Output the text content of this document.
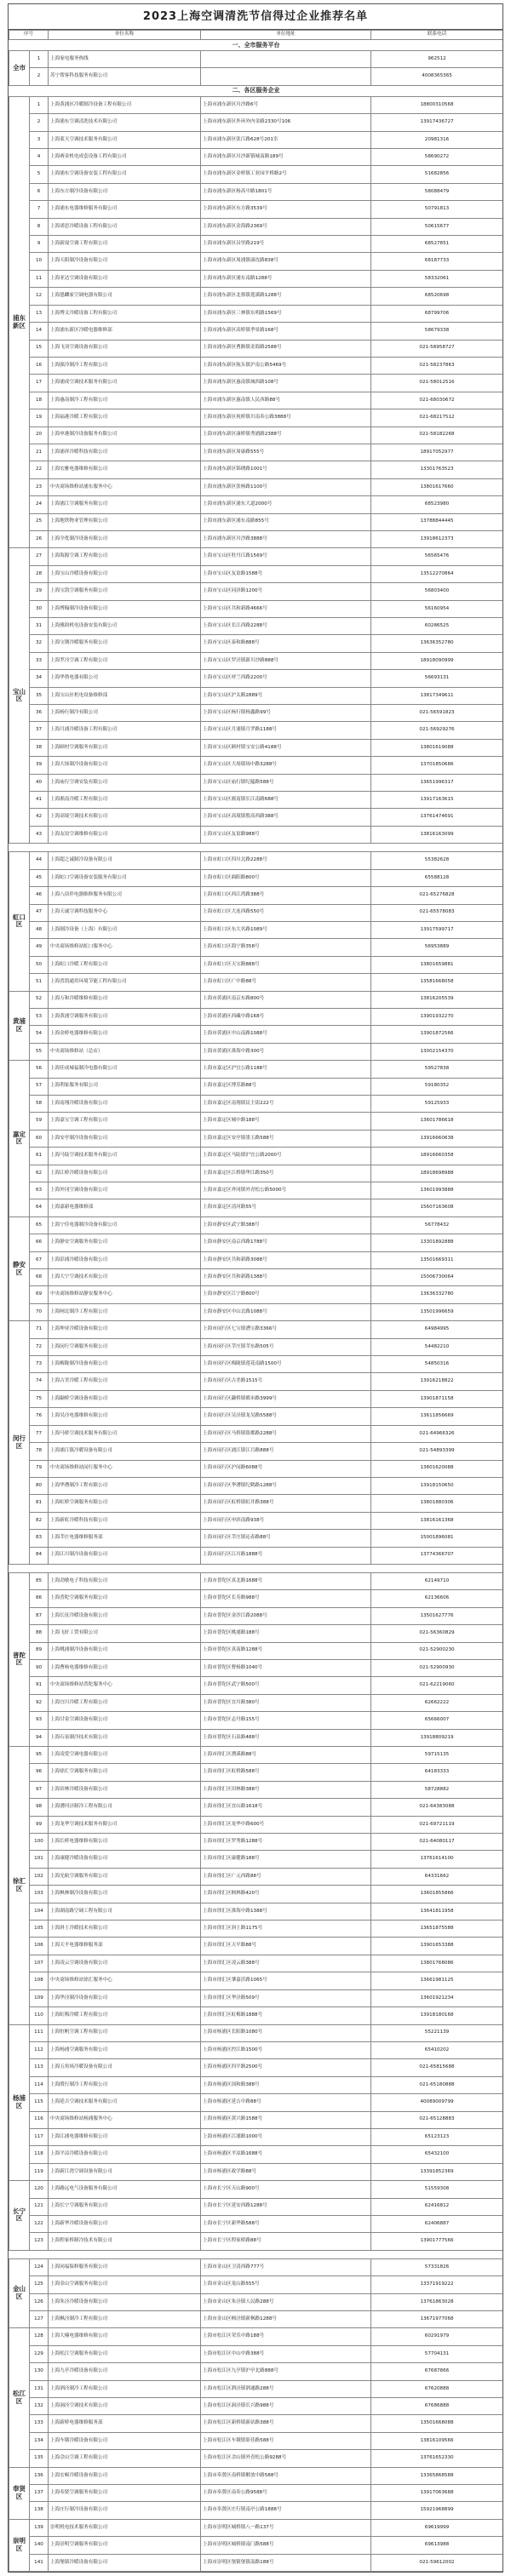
2023上海空调清洗节信得过企业推荐名单
序号		单位名称	单位地址	联系电话
一、全市服务平台				
全市	1	上海家电服务热线		962512
	2	苏宁帮客科技服务有限公司		4008365365
二、各区服务企业				
浦东新区	1	上海黄浦区冷暖制冷设备工程有限公司	上海市浦东新区川沙路6号	18800310568
	2	上海浦东空调清洗技术有限公司	上海市浦东新区外环外内金路2330号106	13917436727
	3	上海蓝天空调技术服务有限公司	上海市浦东新区张江路628号201室	20981316
	4	上海赛金机电成套设备工程有限公司	上海市浦东新区川沙新镇城南路189号	58690272
	5	上海浦东空调设备安装工程有限公司	上海市浦东新区金桥镇工业园平桥路2号	51682856
	6	上海东方制冷设备有限公司	上海市浦东新区杨高中路1801号	58088479
	7	上海浦东电器维修服务有限公司	上海市浦东新区东方路3539号	50791813
	8	上海诺思冷暖设备工程有限公司	上海市浦东新区金海路2369号	50615677
	9	上海新晟空调工程有限公司	上海市浦东新区昌里路219号	68527851
	10	上海天阳制冷设备有限公司	上海市浦东新区周浦镇康沈路838号	68187733
	11	上海亚达空调设备有限公司	上海市浦东新区浦东南路1288号	58332061
	12	上海恩麟家空调电器有限公司	上海市浦东新区北蔡镇莲溪路1288号	68520698
	13	上海博文冷暖设备工程有限公司	上海市浦东新区三林镇东明路1569号	68799706
	14	上海浦东新区冷暖电器维修部	上海市浦东新区高桥镇季景路168号	58679338
	15	上海飞羽空调设备有限公司	上海市浦东新区曹路镇金海路2588号	021-58958727
	16	上海强冷制冷工程有限公司	上海市浦东新区航头镇沪南公路5469号	021-58237863
	17	上海浦成空调技术服务有限公司	上海市浦东新区惠南镇城西路108号	021-58012516
	18	上海惠南制冷工程有限公司	上海市浦东新区惠南镇人民西路88号	021-68030672
	19	上海福港冷暖工程有限公司	上海市浦东新区祝桥镇川南奉公路3888号	021-68217512
	20	上海申港制冷设备服务有限公司	上海市浦东新区康桥镇秀浦路2388号	021-58182268
	21	上海浦祥冷暖科技有限公司	上海市浦东新区周康路555号	18917052977
	22	上海宏雅电器维修有限公司	上海市浦东新区锦绣路1001号	13301763523
	23	中央商场维修站浦东服务中心	上海市浦东新区张杨路1100号	13801617660
	24	上海浦江空调服务有限公司	上海市浦东新区浦东大道2000号	68523980
	25	上海地铁物业管理有限公司	上海市浦东新区浦东南路855号	13788844445
	26	上海全优制冷设备有限公司	上海市浦东新区川沙路3888号	13918612373
宝山区	27	上海海源空调工程有限公司	上海市宝山区牡丹江路1569号	56565476
	28	上海宝山冷暖设备有限公司	上海市宝山区友谊路1588号	13512270864
	29	上海宝凯空调服务有限公司	上海市宝山区同济路1200号	56803400
	30	上海博翰制冷设备有限公司	上海市宝山区共和新路4666号	56160954
	31	上海雅韵机电设备安装有限公司	上海市宝山区长江西路2288号	60286525
	32	上海宝钢冷暖服务有限公司	上海市宝山区泰和路888号	13636352780
	33	上海罗泾空调工程有限公司	上海市宝山区罗泾镇新川沙路888号	18918090999
	34	上海华勃电器有限公司	上海市宝山区呼兰西路2200号	56693131
	35	上海宝山区机电设备维修部	上海市宝山区沪太路2889号	13817349611
	36	上海杨行制冷有限公司	上海市宝山区杨行镇杨鑫路99号	021-56591823
	37	上海月浦冷暖设备工程有限公司	上海市宝山区月浦镇月罗路1188号	021-56929276
	38	上海顾村空调服务有限公司	上海市宝山区顾村镇宝安公路4188号	13801619088
	39	上海大场制冷设备有限公司	上海市宝山区大场镇场中路3288号	13701850686
	40	上海庙行空调安装有限公司	上海市宝山区庙行镇纪蕴路588号	13651996317
	41	上海淞南冷暖工程有限公司	上海市宝山区淞南镇长江南路688号	13917163615
	42	上海高境空调技术有限公司	上海市宝山区高境镇殷高西路388号	13761474691
	43	上海友谊空调维修有限公司	上海市宝山区友谊路988号	13816163099

虹口区	44	上海超之诚制冷设备有限公司	上海市虹口区四川北路2288号	55382628
	45	上海虹口空调设备安装服务有限公司	上海市虹口区曲阳路800号	65588128
	46	上海八佰伴电器维修服务有限公司	上海市虹口区西江湾路388号	021-65276828
	47	上海天诚空调科技服务中心	上海市虹口区大连西路550号	021-65578083
	48	上海制冷设备（上海）有限公司	上海市虹口区东大名路1089号	13917599717
	49	中央商场维修站虹口服务中心	上海市虹口区海宁路358号	56953889
	50	上海虹口冷暖工程有限公司	上海市虹口区天宝路888号	13801659881
	51	上海普凯通用环境节能工程有限公司	上海市虹口区广中路88号	13581668058
黄浦区	52	上海万和冷暖维修有限公司	上海市黄浦区南京东路800号	13816205539
	53	上海黄浦空调服务有限公司	上海市黄浦区西藏中路168号	13901932270
	54	上海金桥电器维修有限公司	上海市黄浦区中山南路1088号	13901872566
	55	中央商场维修站（总店）	上海市黄浦区淮海中路300号	13002154370
嘉定区	56	上海佳成城福制冷电器有限公司	上海市嘉定区沪宜公路1188号	59527838
	57	上海利家服务有限公司	上海市嘉定区博乐路88号	59180352
	58	上海南翔冷暖设备有限公司	上海市嘉定区南翔镇民主街222号	59125933
	59	上海嘉宝空调工程有限公司	上海市嘉定区城中路188号	13601786618
	60	上海安亭制冷设备有限公司	上海市嘉定区安亭镇墨玉路588号	13916660638
	61	上海马陆空调技术服务有限公司	上海市嘉定区马陆镇沪宜公路2000号	18916660358
	62	上海江桥冷暖设备有限公司	上海市嘉定区江桥镇华江路350号	18918698988
	63	上海外冈空调设备有限公司	上海市嘉定区外冈镇外青松公路5000号	13601993888
	64	上海嘉新电器维修部	上海市嘉定区清河路55号	15607163608
静安区	65	上海宁佳电器制冷设备有限公司	上海市静安区武宁路388号	56778432
	66	上海静安空调服务有限公司	上海市静安区南京西路1788号	13301892888
	67	上海彭浦冷暖设备有限公司	上海市静安区共和新路3088号	13501669311
	68	上海大宁空调技术有限公司	上海市静安区共和新路1388号	15006730064
	69	中央商场维修站静安服务中心	上海市静安区江宁路800号	13636332780
	70	上海闸北制冷工程有限公司	上海市静安区中山北路1088号	13501996659
闵行区	71	上海坤业冷暖设备有限公司	上海市闵行区七宝镇漕宝路3366号	64984995
	72	上海闵行空调服务有限公司	上海市闵行区莘庄镇莘东路505号	54482210
	73	上海梅陇制冷设备有限公司	上海市闵行区梅陇镇莲花南路1500号	54850316
	74	上海古美冷暖工程有限公司	上海市闵行区古美路1515号	13916218822
	75	上海颛桥空调设备有限公司	上海市闵行区颛桥镇都市路3999号	13901871158
	76	上海吴泾电器维修有限公司	上海市闵行区吴泾镇龙吴路5588号	13611856669
	77	上海马桥空调技术服务有限公司	上海市闵行区马桥镇银都路2288号	021-64966326
	78	上海浦江镇冷暖设备有限公司	上海市闵行区浦江镇江月路888号	021-54893399
	79	中央商场维修站闵行服务中心	上海市闵行区沪闵路6088号	13801620088
	80	上海华漕制冷工程有限公司	上海市闵行区华漕镇纪鹤路1288号	13918150650
	81	上海虹桥空调服务有限公司	上海市闵行区虹桥镇虹井路388号	13801880306
	82	上海新虹冷暖科技有限公司	上海市闵行区申滨南路938号	13816161368
	83	上海莘庄电器维修服务部	上海市闵行区莘庄镇沁春路88号	15001896081
	84	上海江川制冷设备有限公司	上海市闵行区江川路1888号	13774366707

普陀区	85	上海劲敏电子科技有限公司	上海市普陀区真北路1688号	62149710
	86	上海普陀空调服务有限公司	上海市普陀区长寿路988号	62136606
	87	上海长征冷暖设备有限公司	上海市普陀区金沙江路2088号	13501627776
	88	上海飞轩工贸有限公司	上海市普陀区桃浦路188号	021-56360829
	89	上海桃浦制冷设备有限公司	上海市普陀区真南路1288号	021-52900230
	90	上海曹杨电器维修有限公司	上海市普陀区曹杨路1040号	021-52900930
	91	中央商场维修站普陀服务中心	上海市普陀区武宁路500号	021-62219060
	92	上海宜川冷暖工程有限公司	上海市普陀区宜川路380号	62662222
	93	上海甘泉空调设备有限公司	上海市普陀区志丹路155号	65666007
	94	上海石泉制冷技术有限公司	上海市普陀区石泉路488号	13918809219
徐汇区	95	上海凌爱空调电器有限公司	上海市徐汇区漕溪路88号	59715135
	96	上海徐汇空调服务有限公司	上海市徐汇区虹桥路588号	64183333
	97	上海田林冷暖设备有限公司	上海市徐汇区田林路388号	58728882
	98	上海漕河泾制冷工程有限公司	上海市徐汇区宜山路1618号	021-64383088
	99	上海龙华空调技术服务有限公司	上海市徐汇区龙华中路600号	021-69721119
	100	上海长桥电器维修有限公司	上海市徐汇区罗秀路1288号	021-64080117
	101	上海康健冷暖设备有限公司	上海市徐汇区康健路188号	13761614100
	102	上海光航空调服务有限公司	上海市徐汇区广元西路88号	64331662
	103	上海枫林制冷设备有限公司	上海市徐汇区枫林路420号	13601855866
	104	上海湖南路空调工程有限公司	上海市徐汇区淮海中路1388号	13641811958
	105	上海斜土冷暖技术有限公司	上海市徐汇区斜土路1175号	13651875588
	106	上海天平电器维修服务部	上海市徐汇区天平路88号	13901653388
	107	上海凌云空调设备有限公司	上海市徐汇区凌云路388号	13801768086
	108	中央商场维修站徐汇服务中心	上海市徐汇区肇嘉浜路1065号	13661981125
	109	上海华泾制冷设备有限公司	上海市徐汇区华泾路509号	13601921234
	110	上海虹梅冷暖工程有限公司	上海市徐汇区虹梅路1888号	13918180168
杨浦区	111	上海恒帆空调工程有限公司	上海市杨浦区长阳路1080号	55221139
	112	上海杨浦空调服务有限公司	上海市杨浦区控江路1500号	65410202
	113	上海五角场冷暖设备有限公司	上海市杨浦区四平路2500号	021-65815688
	114	上海殷行制冷工程有限公司	上海市杨浦区国和路388号	021-65180888
	115	上海延吉空调技术服务有限公司	上海市杨浦区延吉中路88号	40089009799
	116	中央商场维修站杨浦服务中心	上海市杨浦区黄兴路1588号	021-65128883
	117	上海江浦电器维修有限公司	上海市杨浦区江浦路1000号	65123123
	118	上海平凉冷暖设备有限公司	上海市杨浦区平凉路1688号	65432100
	119	上海新江湾空调设备有限公司	上海市杨浦区政学路88号	13391852369
长宁区	120	上海路远电气设备服务有限公司	上海市长宁区天山路900号	51559308
	121	上海长宁空调服务有限公司	上海市长宁区延安西路1288号	62416812
	122	上海新华冷暖设备有限公司	上海市长宁区新华路588号	62406887
	123	上海程家桥制冷技术有限公司	上海市长宁区程家桥路88号	13901777566

金山区	124	上海同福保修服务有限公司	上海市金山区卫清西路777号	57331826
	125	上海金山空调服务有限公司	上海市金山区龙山路555号	13371919222
	126	上海朱泾冷暖设备有限公司	上海市金山区朱泾镇人民路288号	13761863028
	127	上海枫泾制冷工程有限公司	上海市金山区枫泾镇新枫路1288号	13671977068
松江区	128	上海大楠电器维修有限公司	上海市松江区荣乐中路188号	60291979
	129	上海松江空调服务有限公司	上海市松江区中山中路388号	57704131
	130	上海九亭冷暖设备有限公司	上海市松江区九亭镇沪亭北路888号	67687866
	131	上海泗泾制冷工程有限公司	上海市松江区泗泾镇泗通路288号	67620888
	132	上海洞泾空调技术有限公司	上海市松江区洞泾镇长兴路988号	67686888
	133	上海新桥电器维修服务部	上海市松江区新桥镇新站路388号	13501668088
	134	上海车墩冷暖设备有限公司	上海市松江区车墩镇影佳路588号	13816109566
	135	上海佘山空调工程有限公司	上海市松江区佘山镇外青松公路9288号	13761652330
奉贤区	136	上海宏顿冷暖设备有限公司	上海市奉贤区南桥镇解放中路588号	13365868588
	137	上海奉贤空调服务有限公司	上海市奉贤区南奉公路9588号	13917063688
	138	上海庄行制冷设备有限公司	上海市奉贤区庄行镇南亭公路1888号	15921968899
崇明区	139	崇明机电技术服务有限公司	上海市崇明区城桥镇八一路137号	69619999
	140	上海崇明空调服务有限公司	上海市崇明区城桥镇南门路588号	69613988
	141	上海堡镇冷暖设备有限公司	上海市崇明区堡镇堡镇南路188号	021-59612002
